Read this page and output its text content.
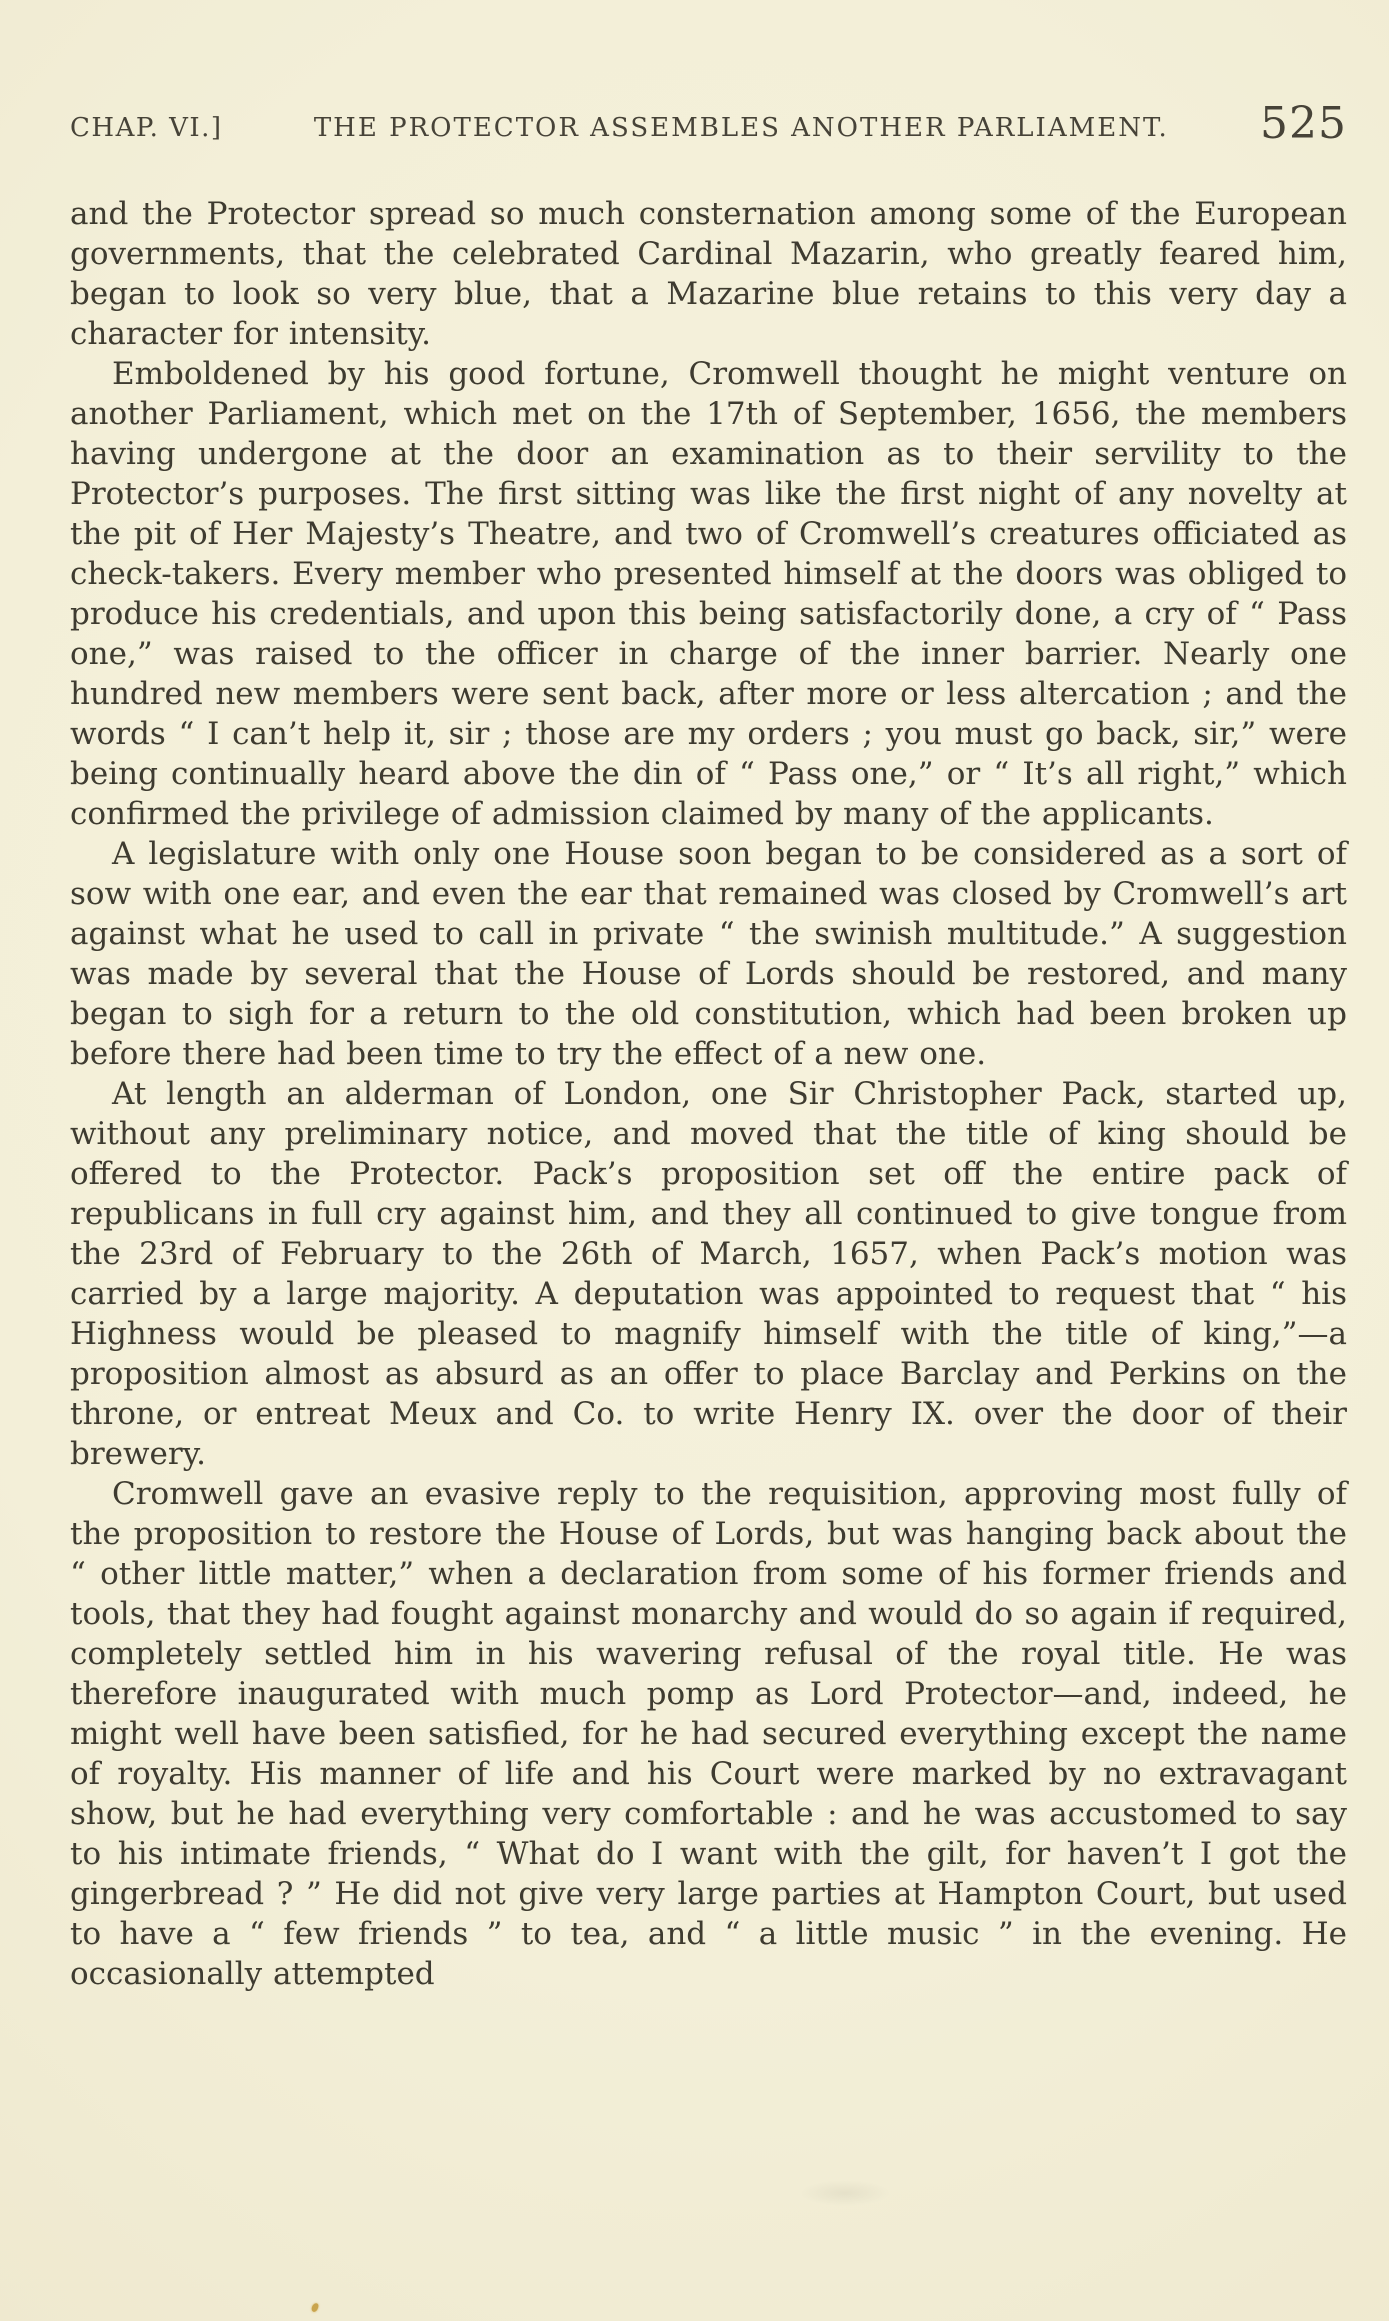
CHAP. VI.]	THE PROTECTOR ASSEMBLES ANOTHER PARLIAMENT.	525

and the Protector spread so much consternation among some of the European governments, that the celebrated Cardinal Mazarin, who greatly feared him, began to look so very blue, that a Mazarine blue retains to this very day a character for intensity.

Emboldened by his good fortune, Cromwell thought he might venture on another Parliament, which met on the 17th of September, 1656, the members having undergone at the door an examination as to their servility to the Protector’s purposes. The first sitting was like the first night of any novelty at the pit of Her Majesty’s Theatre, and two of Cromwell’s creatures officiated as check-takers. Every member who presented himself at the doors was obliged to produce his credentials, and upon this being satisfactorily done, a cry of “ Pass one,” was raised to the officer in charge of the inner barrier. Nearly one hundred new members were sent back, after more or less altercation ; and the words “ I can’t help it, sir ; those are my orders ; you must go back, sir,” were being continually heard above the din of “ Pass one,” or “ It’s all right,” which confirmed the privilege of admission claimed by many of the applicants.

A legislature with only one House soon began to be considered as a sort of sow with one ear, and even the ear that remained was closed by Cromwell’s art against what he used to call in private “ the swinish multitude.” A suggestion was made by several that the House of Lords should be restored, and many began to sigh for a return to the old constitution, which had been broken up before there had been time to try the effect of a new one.

At length an alderman of London, one Sir Christopher Pack, started up, without any preliminary notice, and moved that the title of king should be offered to the Protector. Pack’s proposition set off the entire pack of republicans in full cry against him, and they all continued to give tongue from the 23rd of February to the 26th of March, 1657, when Pack’s motion was carried by a large majority. A deputation was appointed to request that “ his Highness would be pleased to magnify himself with the title of king,”—a proposition almost as absurd as an offer to place Barclay and Perkins on the throne, or entreat Meux and Co. to write Henry IX. over the door of their brewery.

Cromwell gave an evasive reply to the requisition, approving most fully of the proposition to restore the House of Lords, but was hanging back about the “ other little matter,” when a declaration from some of his former friends and tools, that they had fought against monarchy and would do so again if required, completely settled him in his wavering refusal of the royal title. He was therefore inaugurated with much pomp as Lord Protector—and, indeed, he might well have been satisfied, for he had secured everything except the name of royalty. His manner of life and his Court were marked by no extravagant show, but he had everything very comfortable : and he was accustomed to say to his intimate friends, “ What do I want with the gilt, for haven’t I got the gingerbread ? ” He did not give very large parties at Hampton Court, but used to have a “ few friends ” to tea, and “ a little music ” in the evening. He occasionally attempted
